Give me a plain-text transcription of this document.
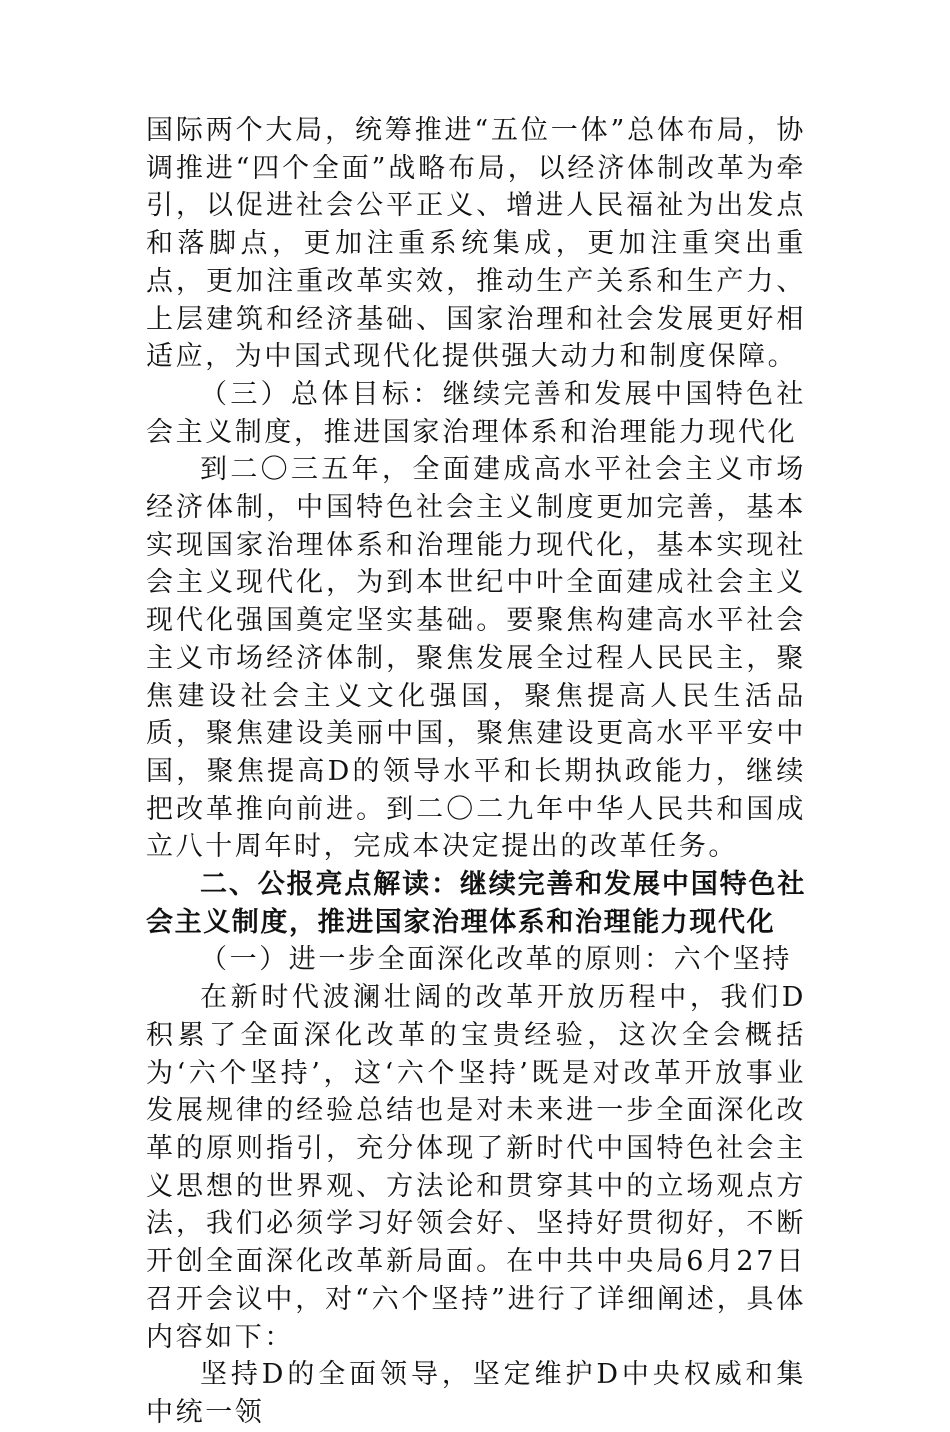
国际两个大局，统筹推进“五位一体”总体布局，协调推进“四个全面”战略布局，以经济体制改革为牵引，以促进社会公平正义、增进人民福祉为出发点和落脚点，更加注重系统集成，更加注重突出重点，更加注重改革实效，推动生产关系和生产力、上层建筑和经济基础、国家治理和社会发展更好相适应，为中国式现代化提供强大动力和制度保障。

（三）总体目标：继续完善和发展中国特色社会主义制度，推进国家治理体系和治理能力现代化

到二〇三五年，全面建成高水平社会主义市场经济体制，中国特色社会主义制度更加完善，基本实现国家治理体系和治理能力现代化，基本实现社会主义现代化，为到本世纪中叶全面建成社会主义现代化强国奠定坚实基础。要聚焦构建高水平社会主义市场经济体制，聚焦发展全过程人民民主，聚焦建设社会主义文化强国，聚焦提高人民生活品质，聚焦建设美丽中国，聚焦建设更高水平平安中国，聚焦提高D的领导水平和长期执政能力，继续把改革推向前进。到二〇二九年中华人民共和国成立八十周年时，完成本决定提出的改革任务。

二、公报亮点解读：继续完善和发展中国特色社会主义制度，推进国家治理体系和治理能力现代化

（一）进一步全面深化改革的原则：六个坚持

在新时代波澜壮阔的改革开放历程中，我们D积累了全面深化改革的宝贵经验，这次全会概括为‘六个坚持’，这‘六个坚持’既是对改革开放事业发展规律的经验总结也是对未来进一步全面深化改革的原则指引，充分体现了新时代中国特色社会主义思想的世界观、方法论和贯穿其中的立场观点方法，我们必须学习好领会好、坚持好贯彻好，不断开创全面深化改革新局面。在中共中央局6月27日召开会议中，对“六个坚持”进行了详细阐述，具体内容如下：

坚持D的全面领导，坚定维护D中央权威和集中统一领
